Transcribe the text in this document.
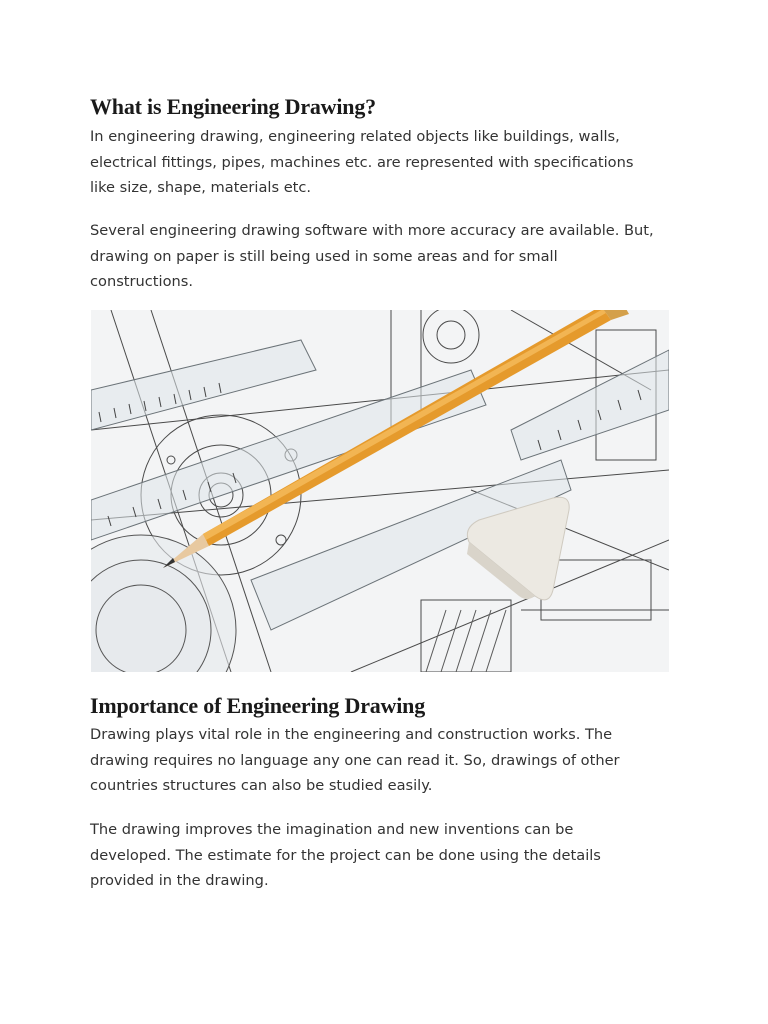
What is Engineering Drawing?

In engineering drawing, engineering related objects like buildings, walls,
electrical fittings, pipes, machines etc. are represented with specifications
like size, shape, materials etc.

Several engineering drawing software with more accuracy are available. But,
drawing on paper is still being used in some areas and for small
constructions.

Importance of Engineering Drawing

Drawing plays vital role in the engineering and construction works. The
drawing requires no language any one can read it. So, drawings of other
countries structures can also be studied easily.

The drawing improves the imagination and new inventions can be
developed. The estimate for the project can be done using the details
provided in the drawing.
